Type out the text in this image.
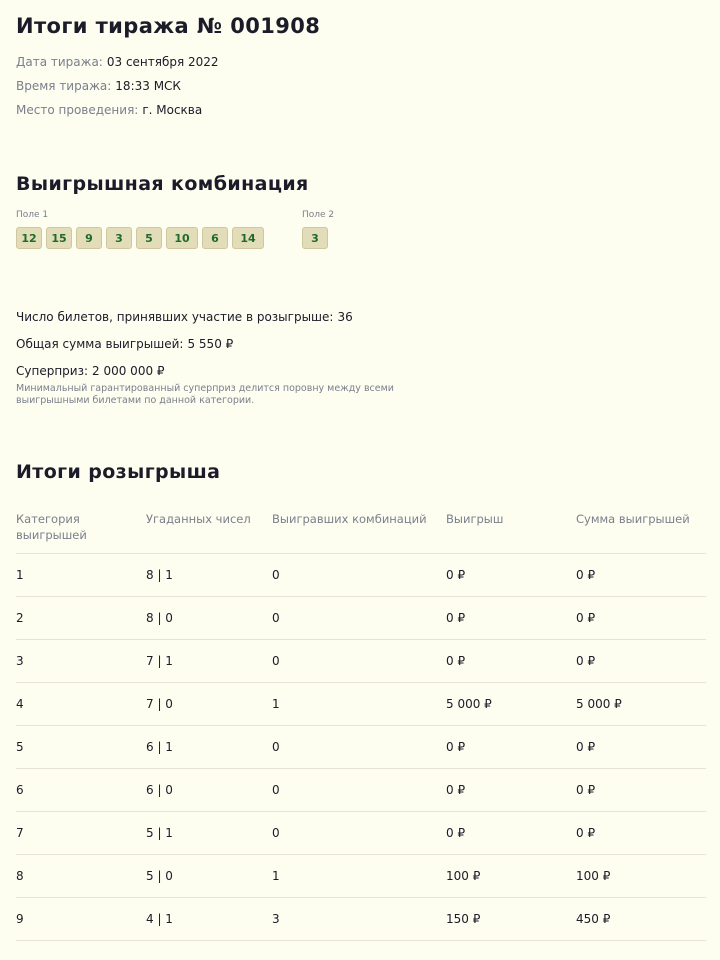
Итоги тиража № 001908
Дата тиража: 03 сентября 2022
Время тиража: 18:33 МСК
Место проведения: г. Москва
Выигрышная комбинация
Поле 1
12	15	9	3	5	10	6	14
Поле 2
3
Число билетов, принявших участие в розыгрыше: 36
Общая сумма выигрышей: 5 550 ₽
Суперприз: 2 000 000 ₽
Минимальный гарантированный суперприз делится поровну между всеми выигрышными билетами по данной категории.
Итоги розыгрыша
Категория выигрышей	Угаданных чисел	Выигравших комбинаций	Выигрыш	Сумма выигрышей
1	8 | 1	0	0 ₽	0 ₽
2	8 | 0	0	0 ₽	0 ₽
3	7 | 1	0	0 ₽	0 ₽
4	7 | 0	1	5 000 ₽	5 000 ₽
5	6 | 1	0	0 ₽	0 ₽
6	6 | 0	0	0 ₽	0 ₽
7	5 | 1	0	0 ₽	0 ₽
8	5 | 0	1	100 ₽	100 ₽
9	4 | 1	3	150 ₽	450 ₽
